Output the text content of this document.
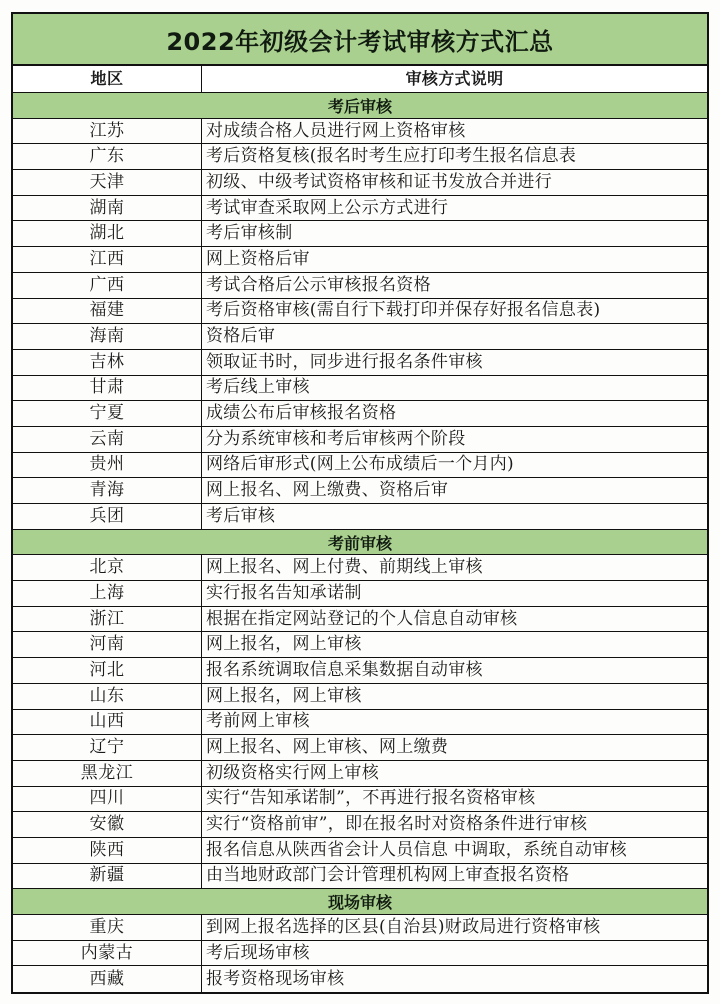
2022年初级会计考试审核方式汇总
地区	审核方式说明
考后审核
江苏	对成绩合格人员进行网上资格审核
广东	考后资格复核(报名时考生应打印考生报名信息表
天津	初级、中级考试资格审核和证书发放合并进行
湖南	考试审查采取网上公示方式进行
湖北	考后审核制
江西	网上资格后审
广西	考试合格后公示审核报名资格
福建	考后资格审核(需自行下载打印并保存好报名信息表)
海南	资格后审
吉林	领取证书时，同步进行报名条件审核
甘肃	考后线上审核
宁夏	成绩公布后审核报名资格
云南	分为系统审核和考后审核两个阶段
贵州	网络后审形式(网上公布成绩后一个月内)
青海	网上报名、网上缴费、资格后审
兵团	考后审核
考前审核
北京	网上报名、网上付费、前期线上审核
上海	实行报名告知承诺制
浙江	根据在指定网站登记的个人信息自动审核
河南	网上报名，网上审核
河北	报名系统调取信息采集数据自动审核
山东	网上报名，网上审核
山西	考前网上审核
辽宁	网上报名、网上审核、网上缴费
黑龙江	初级资格实行网上审核
四川	实行“告知承诺制”，不再进行报名资格审核
安徽	实行“资格前审”，即在报名时对资格条件进行审核
陕西	报名信息从陕西省会计人员信息 中调取，系统自动审核
新疆	由当地财政部门会计管理机构网上审查报名资格
现场审核
重庆	到网上报名选择的区县(自治县)财政局进行资格审核
内蒙古	考后现场审核
西藏	报考资格现场审核
